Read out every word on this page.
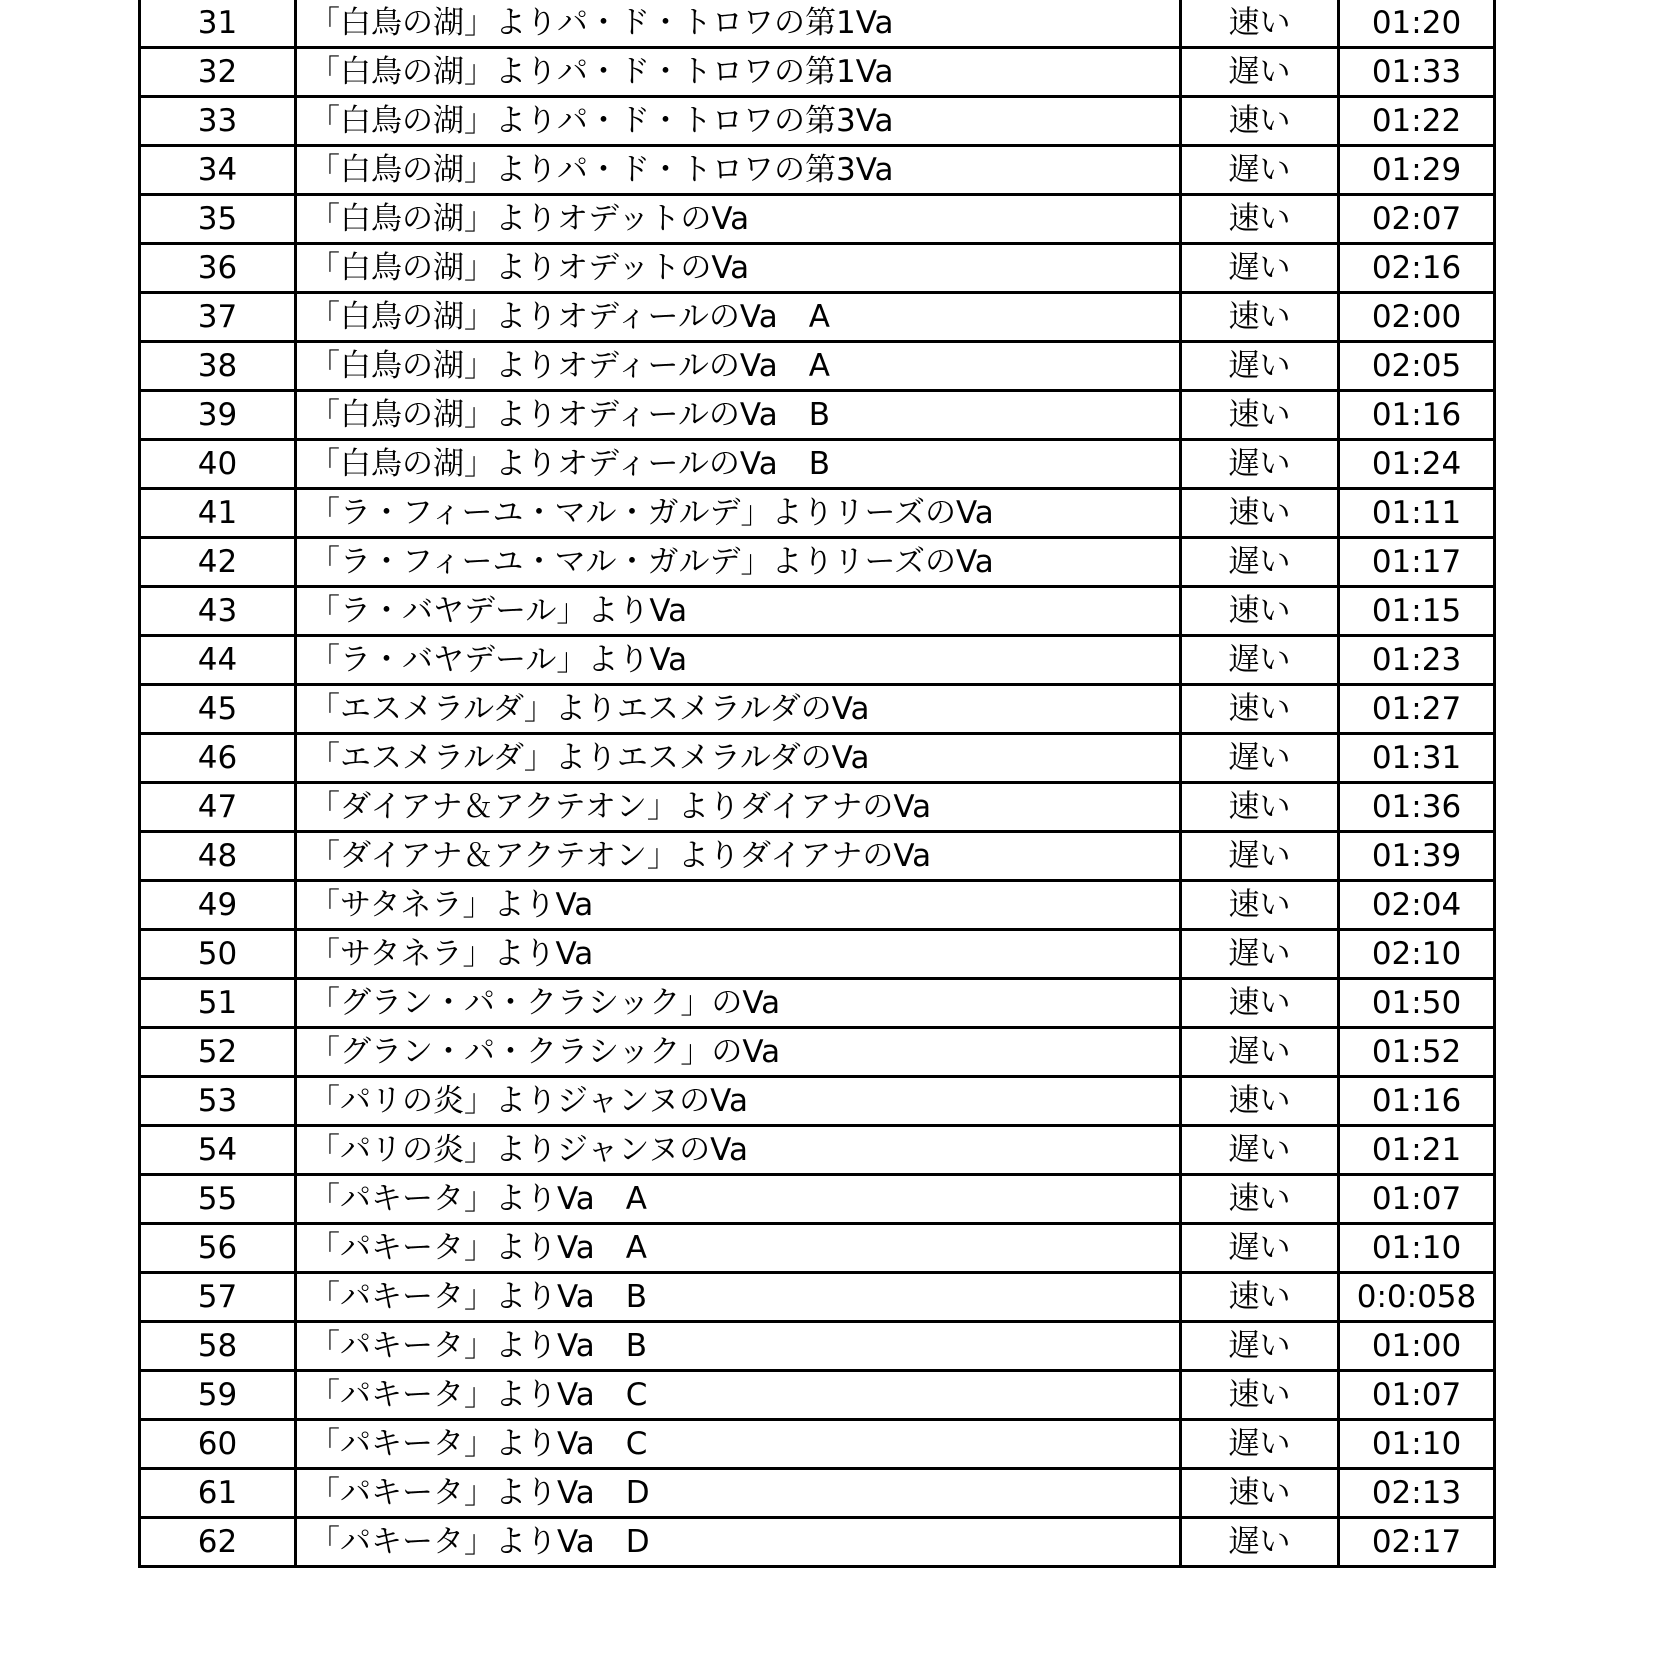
31	「白鳥の湖」よりパ・ド・トロワの第1Va	速い	01:20
32	「白鳥の湖」よりパ・ド・トロワの第1Va	遅い	01:33
33	「白鳥の湖」よりパ・ド・トロワの第3Va	速い	01:22
34	「白鳥の湖」よりパ・ド・トロワの第3Va	遅い	01:29
35	「白鳥の湖」よりオデットのVa	速い	02:07
36	「白鳥の湖」よりオデットのVa	遅い	02:16
37	「白鳥の湖」よりオディールのVa　A	速い	02:00
38	「白鳥の湖」よりオディールのVa　A	遅い	02:05
39	「白鳥の湖」よりオディールのVa　B	速い	01:16
40	「白鳥の湖」よりオディールのVa　B	遅い	01:24
41	「ラ・フィーユ・マル・ガルデ」よりリーズのVa	速い	01:11
42	「ラ・フィーユ・マル・ガルデ」よりリーズのVa	遅い	01:17
43	「ラ・バヤデール」よりVa	速い	01:15
44	「ラ・バヤデール」よりVa	遅い	01:23
45	「エスメラルダ」よりエスメラルダのVa	速い	01:27
46	「エスメラルダ」よりエスメラルダのVa	遅い	01:31
47	「ダイアナ＆アクテオン」よりダイアナのVa	速い	01:36
48	「ダイアナ＆アクテオン」よりダイアナのVa	遅い	01:39
49	「サタネラ」よりVa	速い	02:04
50	「サタネラ」よりVa	遅い	02:10
51	「グラン・パ・クラシック」のVa	速い	01:50
52	「グラン・パ・クラシック」のVa	遅い	01:52
53	「パリの炎」よりジャンヌのVa	速い	01:16
54	「パリの炎」よりジャンヌのVa	遅い	01:21
55	「パキータ」よりVa　A	速い	01:07
56	「パキータ」よりVa　A	遅い	01:10
57	「パキータ」よりVa　B	速い	0:0:058
58	「パキータ」よりVa　B	遅い	01:00
59	「パキータ」よりVa　C	速い	01:07
60	「パキータ」よりVa　C	遅い	01:10
61	「パキータ」よりVa　D	速い	02:13
62	「パキータ」よりVa　D	遅い	02:17
